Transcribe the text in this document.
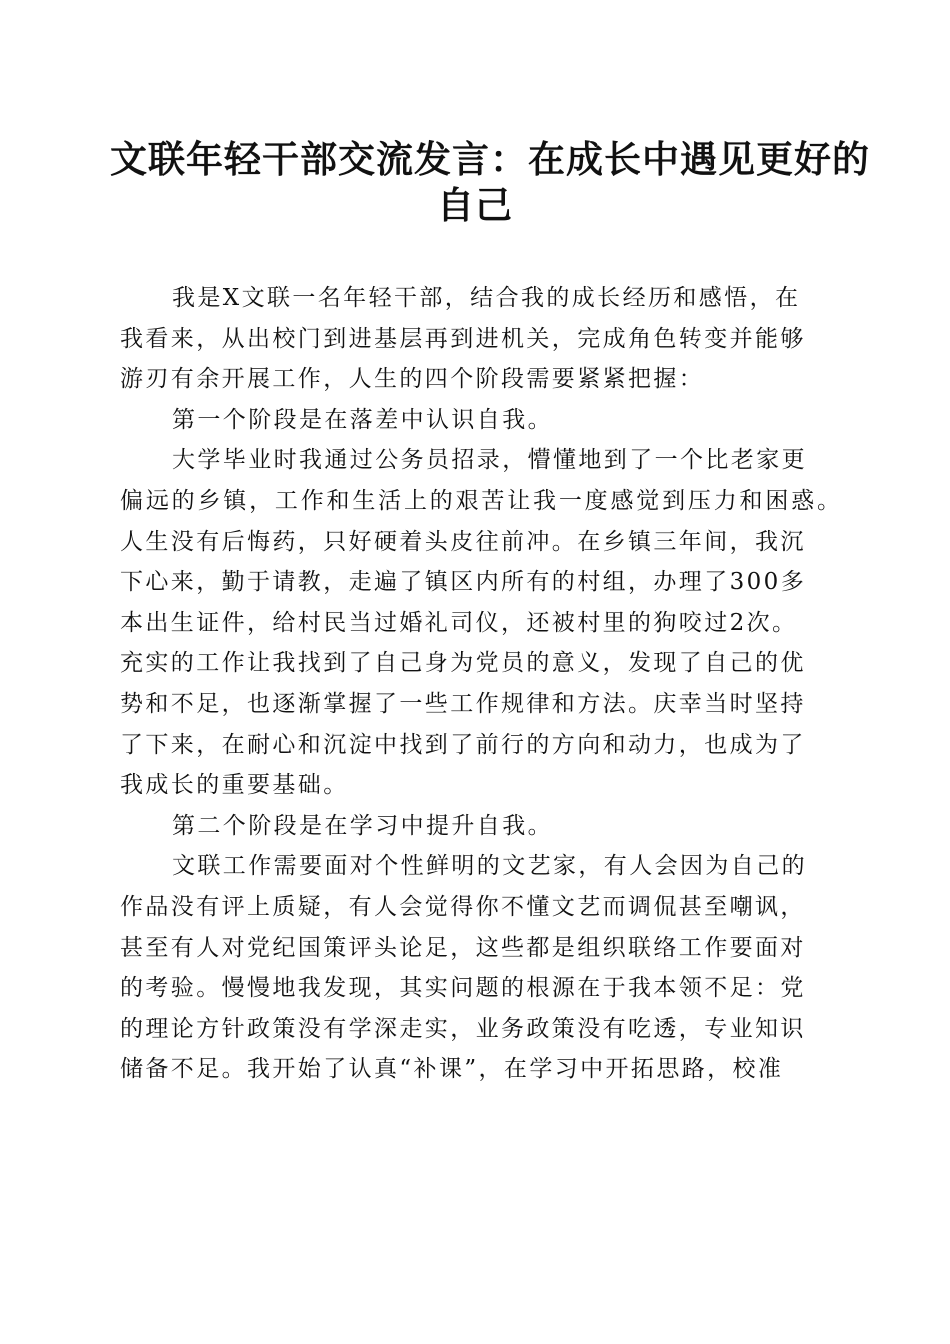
文联年轻干部交流发言：在成长中遇见更好的
自己
我是X文联一名年轻干部，结合我的成长经历和感悟，在
我看来，从出校门到进基层再到进机关，完成角色转变并能够
游刃有余开展工作，人生的四个阶段需要紧紧把握：
第一个阶段是在落差中认识自我。
大学毕业时我通过公务员招录，懵懂地到了一个比老家更
偏远的乡镇，工作和生活上的艰苦让我一度感觉到压力和困惑。
人生没有后悔药，只好硬着头皮往前冲。在乡镇三年间，我沉
下心来，勤于请教，走遍了镇区内所有的村组，办理了300多
本出生证件，给村民当过婚礼司仪，还被村里的狗咬过2次。
充实的工作让我找到了自己身为党员的意义，发现了自己的优
势和不足，也逐渐掌握了一些工作规律和方法。庆幸当时坚持
了下来，在耐心和沉淀中找到了前行的方向和动力，也成为了
我成长的重要基础。
第二个阶段是在学习中提升自我。
文联工作需要面对个性鲜明的文艺家，有人会因为自己的
作品没有评上质疑，有人会觉得你不懂文艺而调侃甚至嘲讽，
甚至有人对党纪国策评头论足，这些都是组织联络工作要面对
的考验。慢慢地我发现，其实问题的根源在于我本领不足：党
的理论方针政策没有学深走实，业务政策没有吃透，专业知识
储备不足。我开始了认真“补课”，在学习中开拓思路，校准
